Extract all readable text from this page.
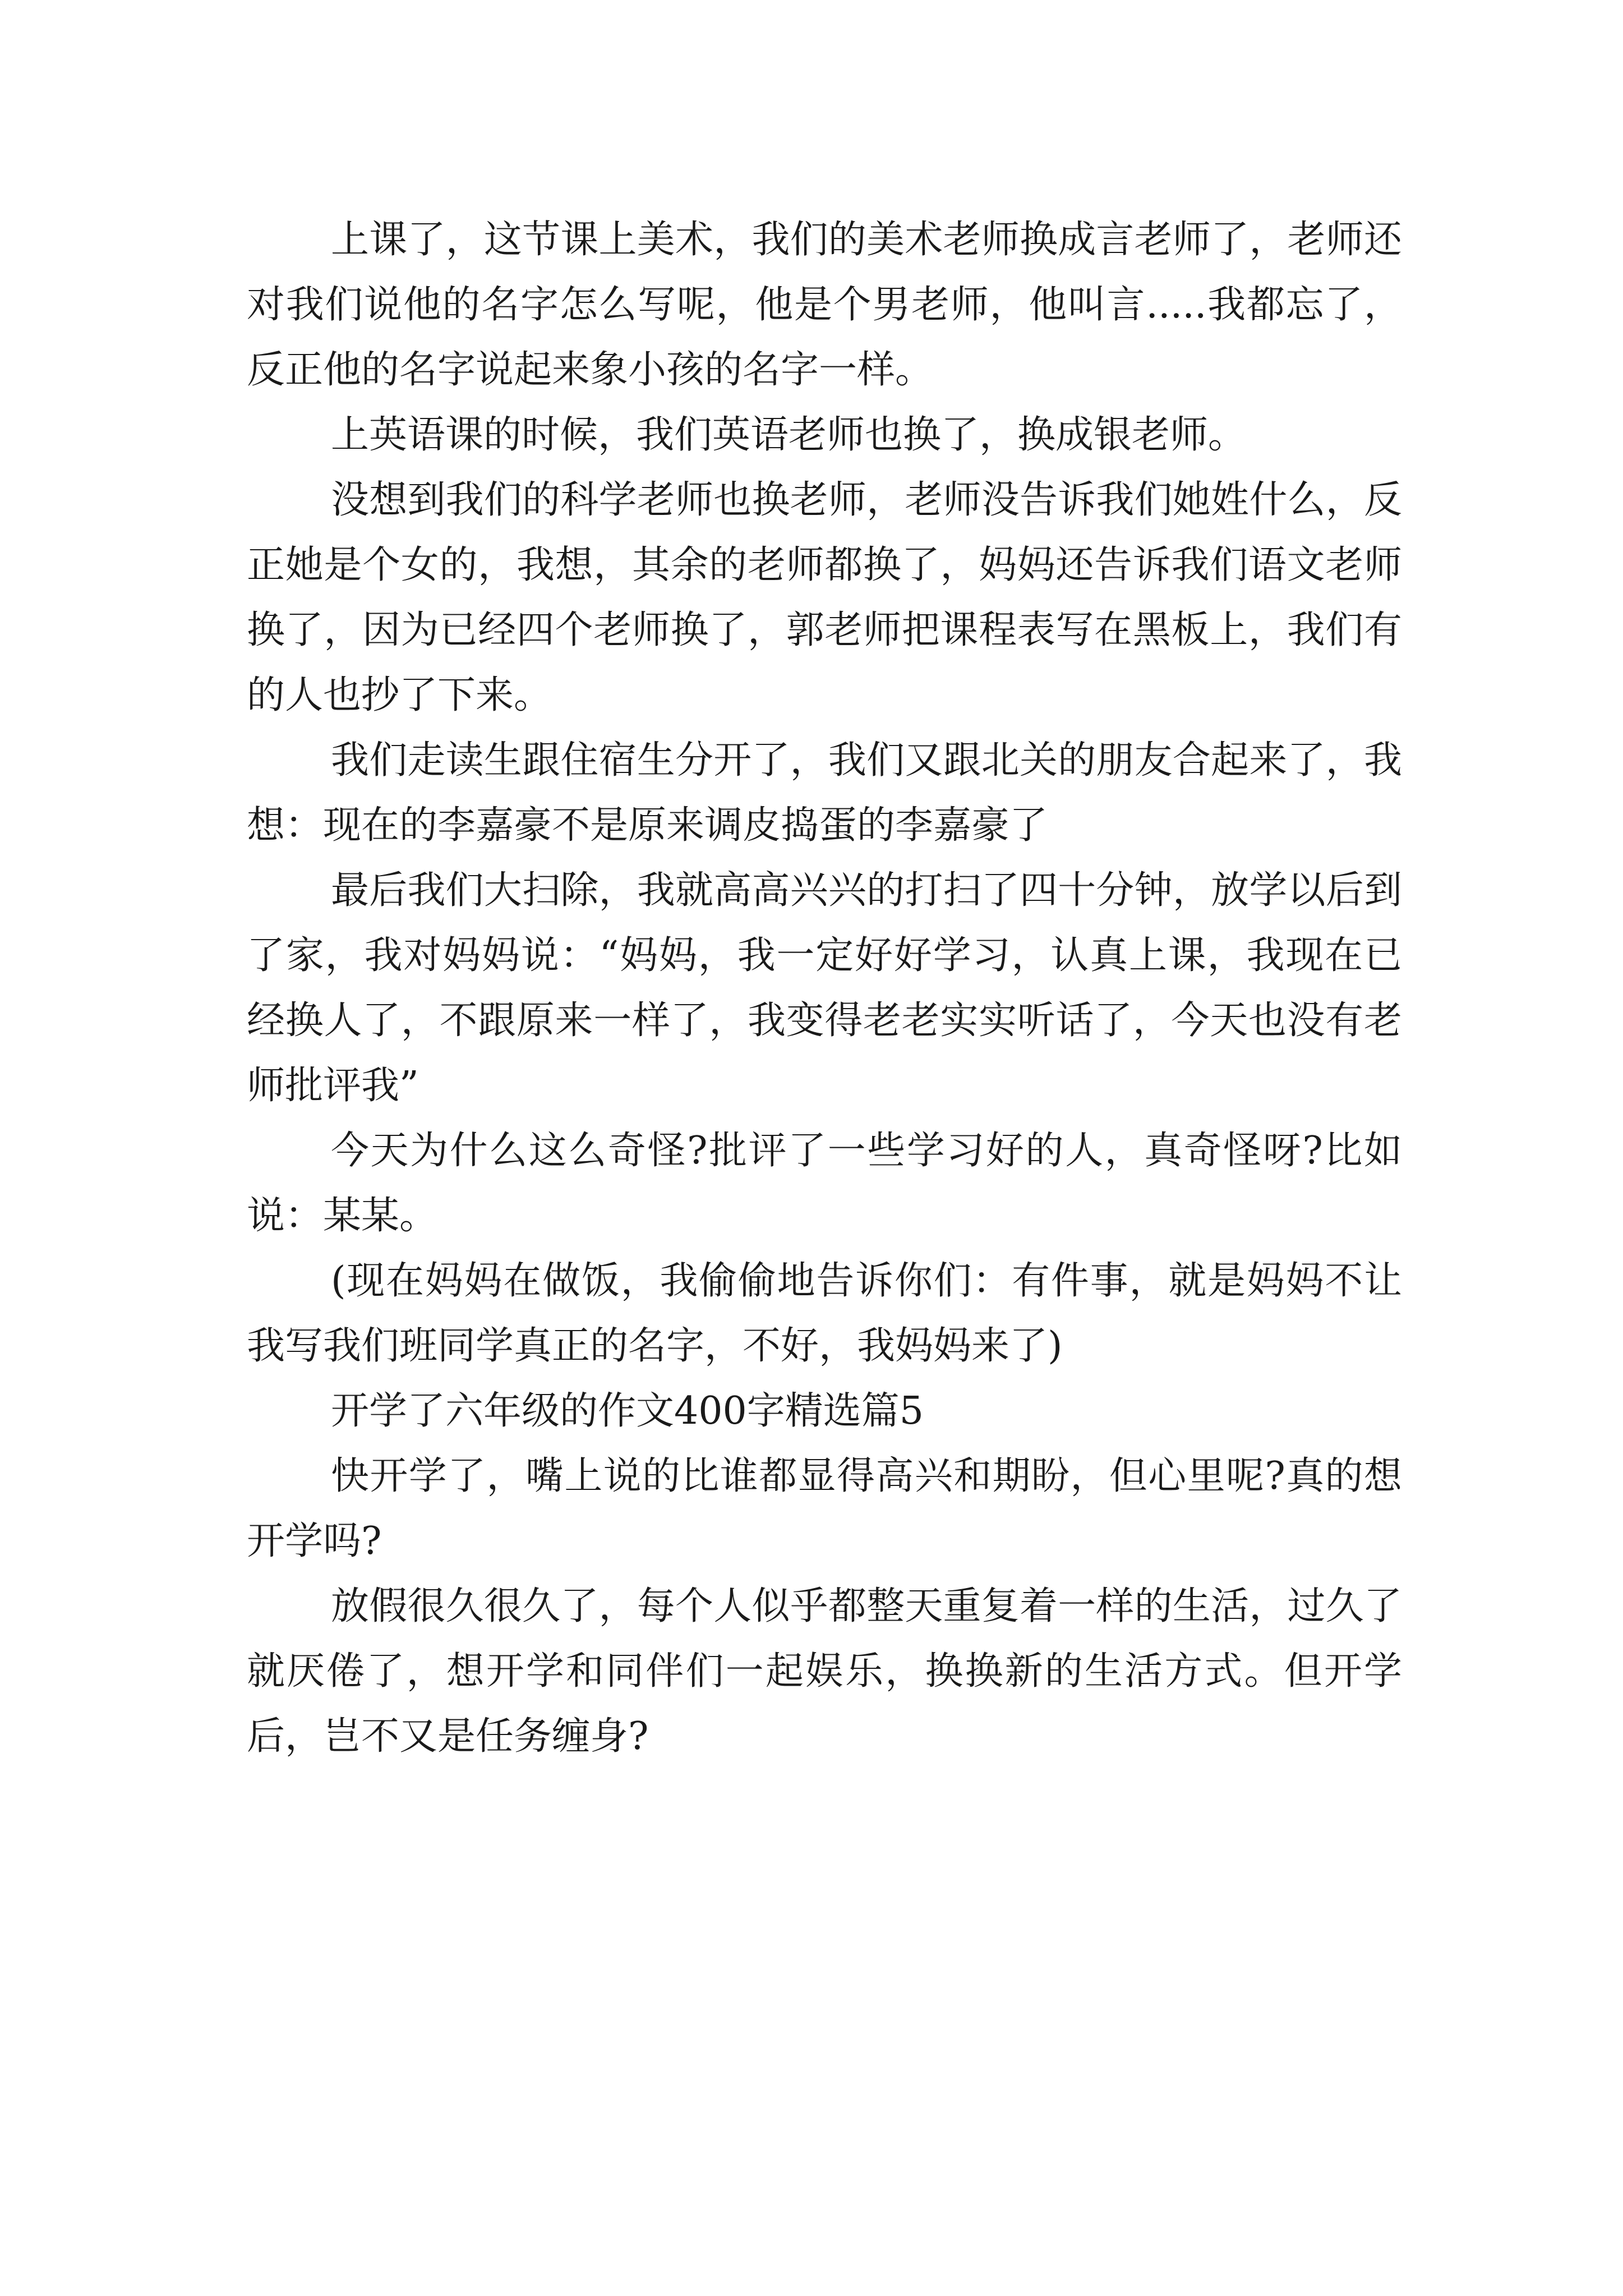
上课了，这节课上美术，我们的美术老师换成言老师了，老师还对我们说他的名字怎么写呢，他是个男老师，他叫言.....我都忘了，反正他的名字说起来象小孩的名字一样。

上英语课的时候，我们英语老师也换了，换成银老师。

没想到我们的科学老师也换老师，老师没告诉我们她姓什么，反正她是个女的，我想，其余的老师都换了，妈妈还告诉我们语文老师换了，因为已经四个老师换了，郭老师把课程表写在黑板上，我们有的人也抄了下来。

我们走读生跟住宿生分开了，我们又跟北关的朋友合起来了，我想：现在的李嘉豪不是原来调皮捣蛋的李嘉豪了

最后我们大扫除，我就高高兴兴的打扫了四十分钟，放学以后到了家，我对妈妈说：“妈妈，我一定好好学习，认真上课，我现在已经换人了，不跟原来一样了，我变得老老实实听话了，今天也没有老师批评我”

今天为什么这么奇怪?批评了一些学习好的人，真奇怪呀?比如说：某某。

(现在妈妈在做饭，我偷偷地告诉你们：有件事，就是妈妈不让我写我们班同学真正的名字，不好，我妈妈来了)

开学了六年级的作文400字精选篇5

快开学了，嘴上说的比谁都显得高兴和期盼，但心里呢?真的想开学吗?

放假很久很久了，每个人似乎都整天重复着一样的生活，过久了就厌倦了，想开学和同伴们一起娱乐，换换新的生活方式。但开学后，岂不又是任务缠身?
